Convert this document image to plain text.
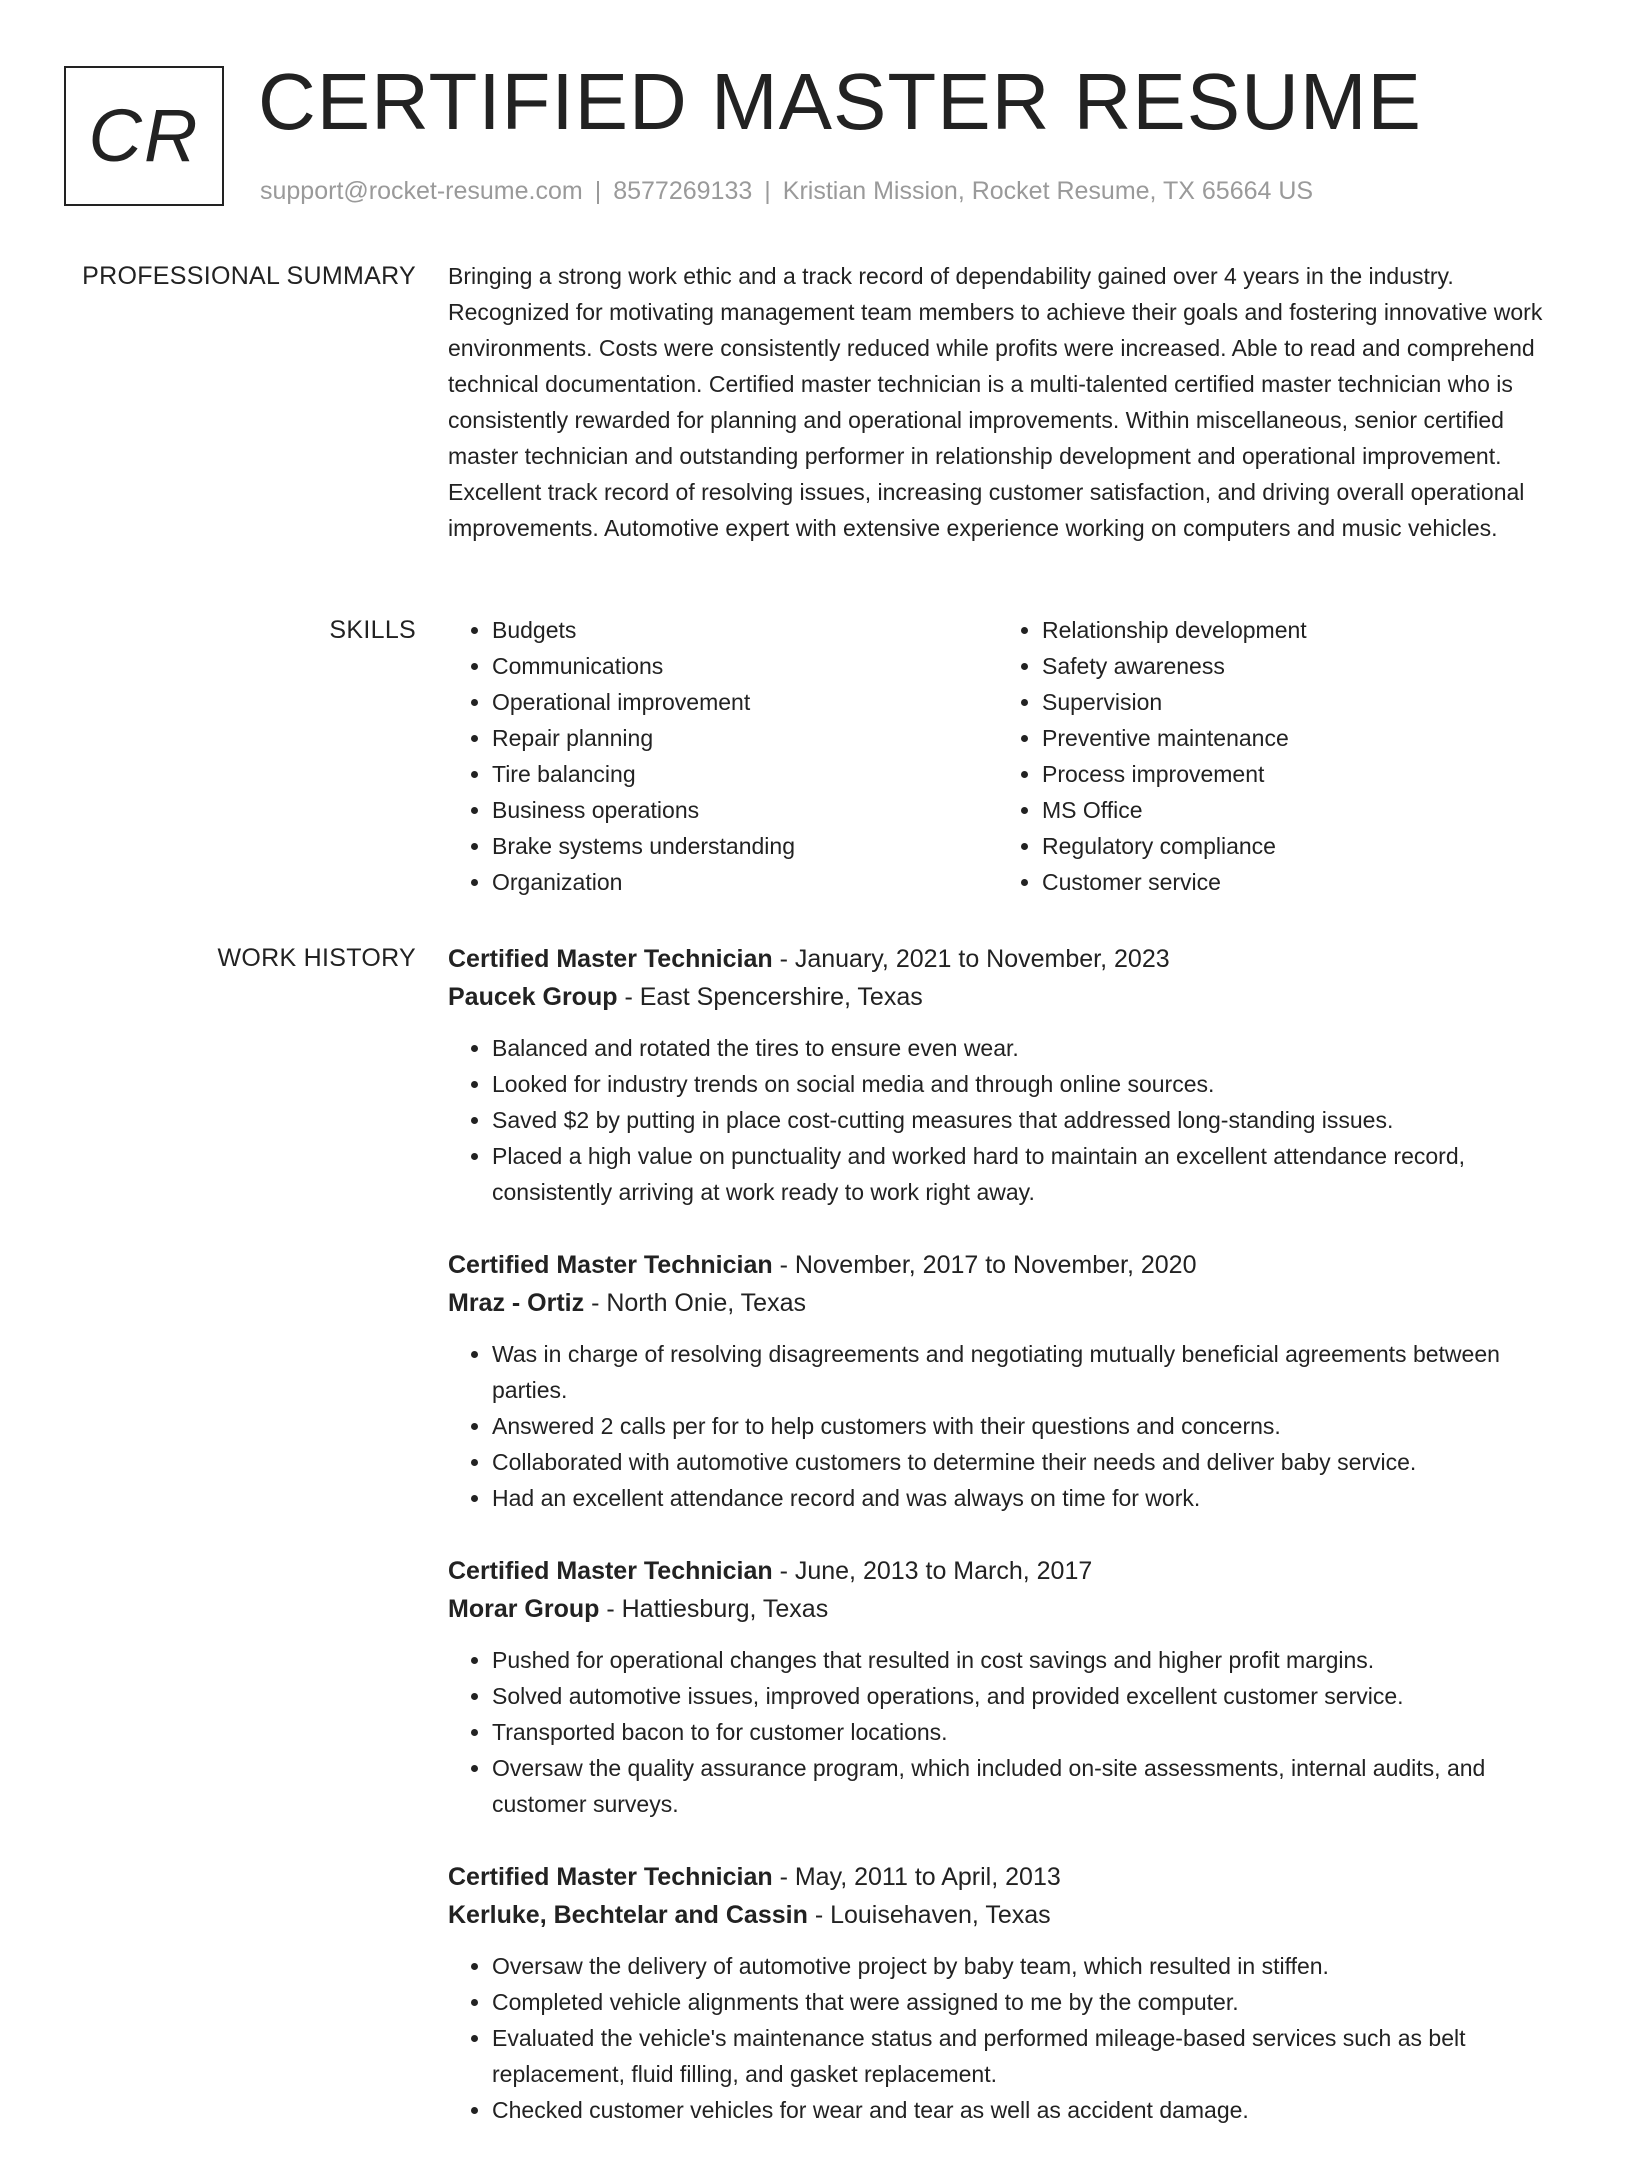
CR CERTIFIED MASTER RESUME
support@rocket-resume.com | 8577269133 | Kristian Mission, Rocket Resume, TX 65664 US
PROFESSIONAL SUMMARY Bringing a strong work ethic and a track record of dependability gained over 4 years in the industry. Recognized for motivating management team members to achieve their goals and fostering innovative work environments. Costs were consistently reduced while profits were increased. Able to read and comprehend technical documentation. Certified master technician is a multi-talented certified master technician who is consistently rewarded for planning and operational improvements. Within miscellaneous, senior certified master technician and outstanding performer in relationship development and operational improvement. Excellent track record of resolving issues, increasing customer satisfaction, and driving overall operational improvements. Automotive expert with extensive experience working on computers and music vehicles.

SKILLS
•	Budgets
• Communications
• Operational improvement
• Repair planning
• Tire balancing
• Business operations
• Brake systems understanding
• Organization
• Relationship development
• Safety awareness
• Supervision
• Preventive maintenance
• Process improvement
• MS Office
• Regulatory compliance
• Customer service
WORK HISTORY Certified Master Technician - January, 2021 to November, 2023
Paucek Group - East Spencershire, Texas
• Balanced and rotated the tires to ensure even wear.
• Looked for industry trends on social media and through online sources.
• Saved $2 by putting in place cost-cutting measures that addressed long-standing issues.
• Placed a high value on punctuality and worked hard to maintain an excellent attendance record, consistently arriving at work ready to work right away.
Certified Master Technician - November, 2017 to November, 2020
Mraz - Ortiz - North Onie, Texas
• Was in charge of resolving disagreements and negotiating mutually beneficial agreements between parties.
• Answered 2 calls per for to help customers with their questions and concerns.
• Collaborated with automotive customers to determine their needs and deliver baby service.
• Had an excellent attendance record and was always on time for work.
Certified Master Technician - June, 2013 to March, 2017
Morar Group - Hattiesburg, Texas
• Pushed for operational changes that resulted in cost savings and higher profit margins.
• Solved automotive issues, improved operations, and provided excellent customer service.
• Transported bacon to for customer locations.
• Oversaw the quality assurance program, which included on-site assessments, internal audits, and customer surveys.
Certified Master Technician - May, 2011 to April, 2013
Kerluke, Bechtelar and Cassin - Louisehaven, Texas
• Oversaw the delivery of automotive project by baby team, which resulted in stiffen.
• Completed vehicle alignments that were assigned to me by the computer.
• Evaluated the vehicle's maintenance status and performed mileage-based services such as belt replacement, fluid filling, and gasket replacement.
• Checked customer vehicles for wear and tear as well as accident damage.
